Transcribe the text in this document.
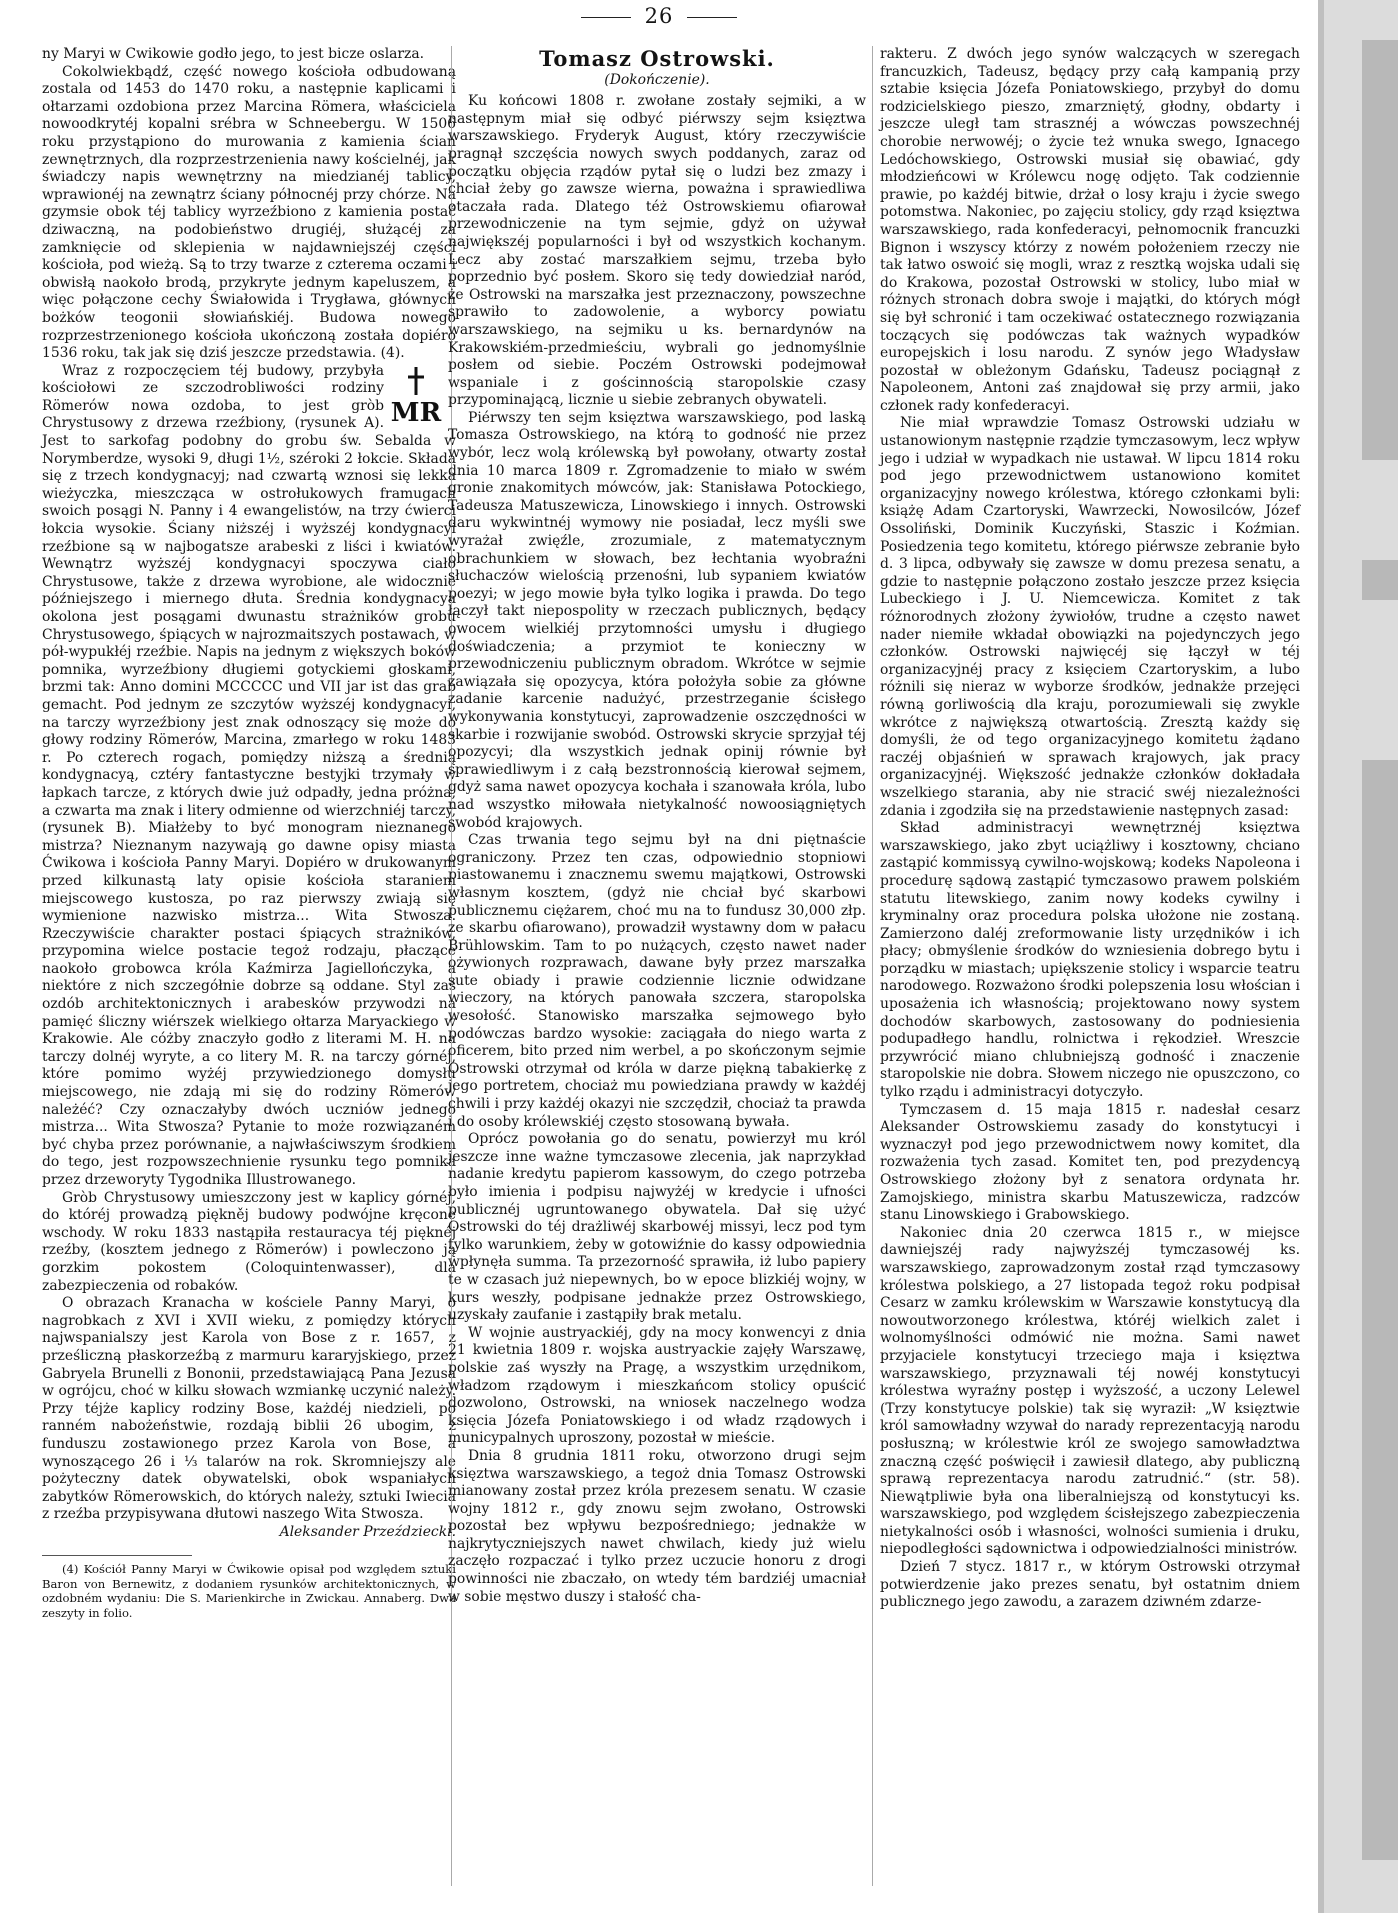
26

ny Maryi w Cwikowie godło jego, to jest bicze oslarza.

Cokolwiekbądź, część nowego kościoła odbudowaną zostala od 1453 do 1470 roku, a następnie kaplicami i ołtarzami ozdobiona przez Marcina Römera, właściciela nowoodkrytéj kopalni srébra w Schneebergu. W 1506 roku przystąpiono do murowania z kamienia ścian zewnętrznych, dla rozprzestrzenienia nawy kościelnéj, jak świadczy napis wewnętrzny na miedzianéj tablicy, wprawionéj na zewnątrz ściany północnéj przy chórze. Na gzymsie obok téj tablicy wyrzeźbiono z kamienia postać dziwaczną, na podobieństwo drugiéj, służącéj za zamknięcie od sklepienia w najdawniejszéj części kościoła, pod wieżą. Są to trzy twarze z czterema oczami i obwisłą naokoło brodą, przykryte jednym kapeluszem, a więc połączone cechy Świałowida i Trygława, głównych bożków teogonii słowiańskiéj. Budowa nowego rozprzestrzenionego kościoła ukończoną została dopiéro 1536 roku, tak jak się dziś jeszcze przedstawia. (4).

MR

Wraz z rozpoczęciem téj budowy, przybyła kościołowi ze szczodrobliwości rodziny Römerów nowa ozdoba, to jest gròb Chrystusowy z drzewa rzeźbiony, (rysunek A). Jest to sarkofag podobny do grobu św. Sebalda w Norymberdze, wysoki 9, długi 1½, széroki 2 łokcie. Składa się z trzech kondygnacyj; nad czwartą wznosi się lekka wieżyczka, mieszcząca w ostrołukowych framugach swoich posągi N. Panny i 4 ewangelistów, na trzy ćwierci łokcia wysokie. Ściany niższéj i wyższéj kondygnacyi rzeźbione są w najbogatsze arabeski z liści i kwiatów. Wewnątrz wyższéj kondygnacyi spoczywa ciało Chrystusowe, także z drzewa wyrobione, ale widocznie późniejszego i miernego dłuta. Średnia kondygnacya okolona jest posągami dwunastu strażników grobu Chrystusowego, śpiących w najrozmaitszych postawach, w pół-wypukłéj rzeźbie. Napis na jednym z większych boków pomnika, wyrzeźbiony długiemi gotyckiemi głoskami, brzmi tak: Anno domini MCCCCC und VII jar ist das grab gemacht. Pod jednym ze szczytów wyższéj kondygnacyi, na tarczy wyrzeźbiony jest znak odnoszący się może do głowy rodziny Römerów, Marcina, zmarłego w roku 1483 r. Po czterech rogach, pomiędzy niższą a średnią kondygnacyą, cztéry fantastyczne bestyjki trzymały w łapkach tarcze, z których dwie już odpadły, jedna próżna, a czwarta ma znak i litery odmienne od wierzchniéj tarczy, (rysunek B). Miałżeby to być monogram nieznanego mistrza? Nieznanym nazywają go dawne opisy miasta Ćwikowa i kościoła Panny Maryi. Dopiéro w drukowanym przed kilkunastą laty opisie kościoła staraniem miejscowego kustosza, po raz pierwszy zwiają się wymienione nazwisko mistrza... Wita Stwosza. Rzeczywiście charakter postaci śpiących strażników, przypomina wielce postacie tegoż rodzaju, płaczące naokoło grobowca króla Kaźmirza Jagiellończyka, a niektóre z nich szczegółnie dobrze są oddane. Styl zaś ozdób architektonicznych i arabesków przywodzi na pamięć śliczny wiérszek wielkiego ołtarza Maryackiego w Krakowie. Ale cóżby znaczyło godło z literami M. H. na tarczy dolnéj wyryte, a co litery M. R. na tarczy górnéj, które pomimo wyżéj przywiedzionego domysłu miejscowego, nie zdają mi się do rodziny Römerów należéć? Czy oznaczałyby dwóch uczniów jednego mistrza... Wita Stwosza? Pytanie to może rozwiązaném być chyba przez porównanie, a najwłaściwszym środkiem do tego, jest rozpowszechnienie rysunku tego pomnika przez drzeworyty Tygodnika Illustrowanego.

Gròb Chrystusowy umieszczony jest w kaplicy górnéj, do któréj prowadzą piękněj budowy podwójne kręcone wschody. W roku 1833 nastąpiła restauracya téj pięknéj rzeźby, (kosztem jednego z Römerów) i powleczono ją gorzkim pokostem (Coloquintenwasser), dla zabezpieczenia od robaków.

O obrazach Kranacha w kościele Panny Maryi, o nagrobkach z XVI i XVII wieku, z pomiędzy których najwspanialszy jest Karola von Bose z r. 1657, z prześliczną płaskorzeźbą z marmuru kararyjskiego, przez Gabryela Brunelli z Bononii, przedstawiającą Pana Jezusa w ogrójcu, choć w kilku słowach wzmiankę uczynić należy. Przy téjże kaplicy rodziny Bose, każdéj niedzieli, po ranném nabożeństwie, rozdają biblii 26 ubogim, z funduszu zostawionego przez Karola von Bose, a wynoszącego 26 i ⅓ talarów na rok. Skromniejszy ale pożyteczny datek obywatelski, obok wspaniałych zabytków Römerowskich, do których należy, sztuki Iwiecia z rzeźba przypisywana dłutowi naszego Wita Stwosza.

Aleksander Przeździecki.

(4) Kościół Panny Maryi w Ćwikowie opisał pod względem sztuki Baron von Bernewitz, z dodaniem rysunków architektonicznych, w ozdobném wydaniu: Die S. Marienkirche in Zwickau. Annaberg. Dwa zeszyty in folio.

Tomasz Ostrowski.
(Dokończenie).

Ku końcowi 1808 r. zwołane zostały sejmiki, a w następnym miał się odbyć piérwszy sejm księztwa warszawskiego. Fryderyk August, który rzeczywiście pragnął szczęścia nowych swych poddanych, zaraz od początku objęcia rządów pytał się o ludzi bez zmazy i chciał żeby go zawsze wierna, poważna i sprawiedliwa otaczała rada. Dlatego téż Ostrowskiemu ofiarował przewodniczenie na tym sejmie, gdyż on używał największéj popularności i był od wszystkich kochanym. Lecz aby zostać marszałkiem sejmu, trzeba było poprzednio być posłem. Skoro się tedy dowiedział naród, że Ostrowski na marszałka jest przeznaczony, powszechne sprawiło to zadowolenie, a wyborcy powiatu warszawskiego, na sejmiku u ks. bernardynów na Krakowskiém-przedmieściu, wybrali go jednomyślnie posłem od siebie. Poczém Ostrowski podejmował wspaniale i z gościnnością staropolskie czasy przypominającą, licznie u siebie zebranych obywateli.

Piérwszy ten sejm księztwa warszawskiego, pod laską Tomasza Ostrowskiego, na którą to godność nie przez wybór, lecz wolą królewską był powołany, otwarty został dnia 10 marca 1809 r. Zgromadzenie to miało w swém gronie znakomitych mówców, jak: Stanisława Potockiego, Tadeusza Matuszewicza, Linowskiego i innych. Ostrowski daru wykwintnéj wymowy nie posiadał, lecz myśli swe wyrażał zwięźle, zrozumiale, z matematycznym obrachunkiem w słowach, bez łechtania wyobraźni słuchaczów wielością przenośni, lub sypaniem kwiatów poezyi; w jego mowie była tylko logika i prawda. Do tego łączył takt niepospolity w rzeczach publicznych, będący owocem wielkiéj przytomności umysłu i długiego doświadczenia; a przymiot te konieczny w przewodniczeniu publicznym obradom. Wkrótce w sejmie zawiązała się opozycya, która położyła sobie za główne zadanie karcenie nadużyć, przestrzeganie ścisłego wykonywania konstytucyi, zaprowadzenie oszczędności w skarbie i rozwijanie swobód. Ostrowski skrycie sprzyjał téj opozycyi; dla wszystkich jednak opinij równie był sprawiedliwym i z całą bezstronnością kierował sejmem, gdyż sama nawet opozycya kochała i szanowała króla, lubo nad wszystko miłowała nietykalność nowoosiągniętych swobód krajowych.

Czas trwania tego sejmu był na dni piętnaście ograniczony. Przez ten czas, odpowiednio stopniowi piastowanemu i znacznemu swemu majątkowi, Ostrowski własnym kosztem, (gdyż nie chciał być skarbowi publicznemu ciężarem, choć mu na to fundusz 30,000 złp. ze skarbu ofiarowano), prowadził wystawny dom w pałacu Brühlowskim. Tam to po nużących, często nawet nader ożywionych rozprawach, dawane były przez marszałka sute obiady i prawie codziennie licznie odwidzane wieczory, na których panowała szczera, staropolska wesołość. Stanowisko marszałka sejmowego było podówczas bardzo wysokie: zaciągała do niego warta z oficerem, bito przed nim werbel, a po skończonym sejmie Ostrowski otrzymał od króla w darze piękną tabakierkę z jego portretem, chociaż mu powiedziana prawdy w każdéj chwili i przy każdéj okazyi nie szczędził, chociaż ta prawda i do osoby królewskiéj często stosowaną bywała.

Oprócz powołania go do senatu, powierzył mu król jeszcze inne ważne tymczasowe zlecenia, jak naprzykład nadanie kredytu papierom kassowym, do czego potrzeba było imienia i podpisu najwyżéj w kredycie i ufności publicznéj ugruntowanego obywatela. Dał się użyć Ostrowski do téj drażliwéj skarbowéj missyi, lecz pod tym tylko warunkiem, żeby w gotowiźnie do kassy odpowiednia wpłynęła summa. Ta przezorność sprawiła, iż lubo papiery te w czasach już niepewnych, bo w epoce blizkiéj wojny, w kurs weszły, podpisane jednakże przez Ostrowskiego, uzyskały zaufanie i zastąpiły brak metalu.

W wojnie austryackiéj, gdy na mocy konwencyi z dnia 21 kwietnia 1809 r. wojska austryackie zajęły Warszawę, polskie zaś wyszły na Pragę, a wszystkim urzędnikom, władzom rządowym i mieszkańcom stolicy opuścić dozwolono, Ostrowski, na wniosek naczelnego wodza księcia Józefa Poniatowskiego i od władz rządowych i municypalnych uproszony, pozostał w mieście.

Dnia 8 grudnia 1811 roku, otworzono drugi sejm księztwa warszawskiego, a tegoż dnia Tomasz Ostrowski mianowany został przez króla prezesem senatu. W czasie wojny 1812 r., gdy znowu sejm zwołano, Ostrowski pozostał bez wpływu bezpośredniego; jednakże w najkrytyczniejszych nawet chwilach, kiedy już wielu zaczęło rozpaczać i tylko przez uczucie honoru z drogi powinności nie zbaczało, on wtedy tém bardziéj umacniał w sobie męstwo duszy i stałość cha-

rakteru. Z dwóch jego synów walczących w szeregach francuzkich, Tadeusz, będący przy całą kampanią przy sztabie księcia Józefa Poniatowskiego, przybył do domu rodzicielskiego pieszo, zmarzniętý, głodny, obdarty i jeszcze uległ tam strasznéj a wówczas powszechnéj chorobie nerwowéj; o życie też wnuka swego, Ignacego Ledóchowskiego, Ostrowski musiał się obawiać, gdy młodzieńcowi w Królewcu nogę odjęto. Tak codziennie prawie, po każdéj bitwie, drżał o losy kraju i życie swego potomstwa. Nakoniec, po zajęciu stolicy, gdy rząd księztwa warszawskiego, rada konfederacyi, pełnomocnik francuzki Bignon i wszyscy którzy z nowém położeniem rzeczy nie tak łatwo oswoić się mogli, wraz z resztką wojska udali się do Krakowa, pozostał Ostrowski w stolicy, lubo miał w różnych stronach dobra swoje i majątki, do których mógł się był schronić i tam oczekiwać ostatecznego rozwiązania toczących się podówczas tak ważnych wypadków europejskich i losu narodu. Z synów jego Władysław pozostał w obleżonym Gdańsku, Tadeusz pociągnął z Napoleonem, Antoni zaś znajdował się przy armii, jako członek rady konfederacyi.

Nie miał wprawdzie Tomasz Ostrowski udziału w ustanowionym następnie rządzie tymczasowym, lecz wpływ jego i udział w wypadkach nie ustawał. W lipcu 1814 roku pod jego przewodnictwem ustanowiono komitet organizacyjny nowego królestwa, którego członkami byli: książę Adam Czartoryski, Wawrzecki, Nowosilców, Józef Ossoliński, Dominik Kuczyński, Staszic i Koźmian. Posiedzenia tego komitetu, którego piérwsze zebranie było d. 3 lipca, odbywały się zawsze w domu prezesa senatu, a gdzie to następnie połączono zostało jeszcze przez księcia Lubeckiego i J. U. Niemcewicza. Komitet z tak różnorodnych złożony żywiołów, trudne a często nawet nader niemiłe wkładał obowiązki na pojedynczych jego członków. Ostrowski najwięcéj się łączył w téj organizacyjnéj pracy z księciem Czartoryskim, a lubo różnili się nieraz w wyborze środków, jednakże przejęci równą gorliwością dla kraju, porozumiewali się zwykle wkrótce z największą otwartością. Zresztą każdy się domyśli, że od tego organizacyjnego komitetu żądano raczéj objaśnień w sprawach krajowych, jak pracy organizacyjnéj. Większość jednakże członków dokładała wszelkiego starania, aby nie stracić swéj niezależności zdania i zgodziła się na przedstawienie następnych zasad:

Skład administracyi wewnętrznéj księztwa warszawskiego, jako zbyt uciążliwy i kosztowny, chciano zastąpić kommissyą cywilno-wojskową; kodeks Napoleona i procedurę sądową zastąpić tymczasowo prawem polskiém statutu litewskiego, zanim nowy kodeks cywilny i kryminalny oraz procedura polska ułożone nie zostaną. Zamierzono daléj zreformowanie listy urzędników i ich płacy; obmyślenie środków do wzniesienia dobrego bytu i porządku w miastach; upiększenie stolicy i wsparcie teatru narodowego. Rozważono środki polepszenia losu włościan i uposażenia ich własnością; projektowano nowy system dochodów skarbowych, zastosowany do podniesienia podupadłego handlu, rolnictwa i rękodzieł. Wreszcie przywrócić miano chlubniejszą godność i znaczenie staropolskie nie dobra. Słowem niczego nie opuszczono, co tylko rządu i administracyi dotyczyło.

Tymczasem d. 15 maja 1815 r. nadesłał cesarz Aleksander Ostrowskiemu zasady do konstytucyi i wyznaczył pod jego przewodnictwem nowy komitet, dla rozważenia tych zasad. Komitet ten, pod prezydencyą Ostrowskiego złożony był z senatora ordynata hr. Zamojskiego, ministra skarbu Matuszewicza, radzców stanu Linowskiego i Grabowskiego.

Nakoniec dnia 20 czerwca 1815 r., w miejsce dawniejszéj rady najwyższéj tymczasowéj ks. warszawskiego, zaprowadzonym został rząd tymczasowy królestwa polskiego, a 27 listopada tegoż roku podpisał Cesarz w zamku królewskim w Warszawie konstytucyą dla nowoutworzonego królestwa, któréj wielkich zalet i wolnomyślności odmówić nie można. Sami nawet przyjaciele konstytucyi trzeciego maja i księztwa warszawskiego, przyznawali téj nowéj konstytucyi królestwa wyraźny postęp i wyższość, a uczony Lelewel (Trzy konstytucye polskie) tak się wyraził: „W księztwie król samowładny wzywał do narady reprezentacyją narodu posłuszną; w królestwie król ze swojego samowładztwa znaczną część poświęcił i zawiesił dlatego, aby publiczną sprawą reprezentacya narodu zatrudnić.“ (str. 58). Niewątpliwie była ona liberalniejszą od konstytucyi ks. warszawskiego, pod względem ścisłejszego zabezpieczenia nietykalności osób i własności, wolności sumienia i druku, niepodległości sądownictwa i odpowiedzialności ministrów.

Dzień 7 stycz. 1817 r., w którym Ostrowski otrzymał potwierdzenie jako prezes senatu, był ostatnim dniem publicznego jego zawodu, a zarazem dziwném zdarze-
